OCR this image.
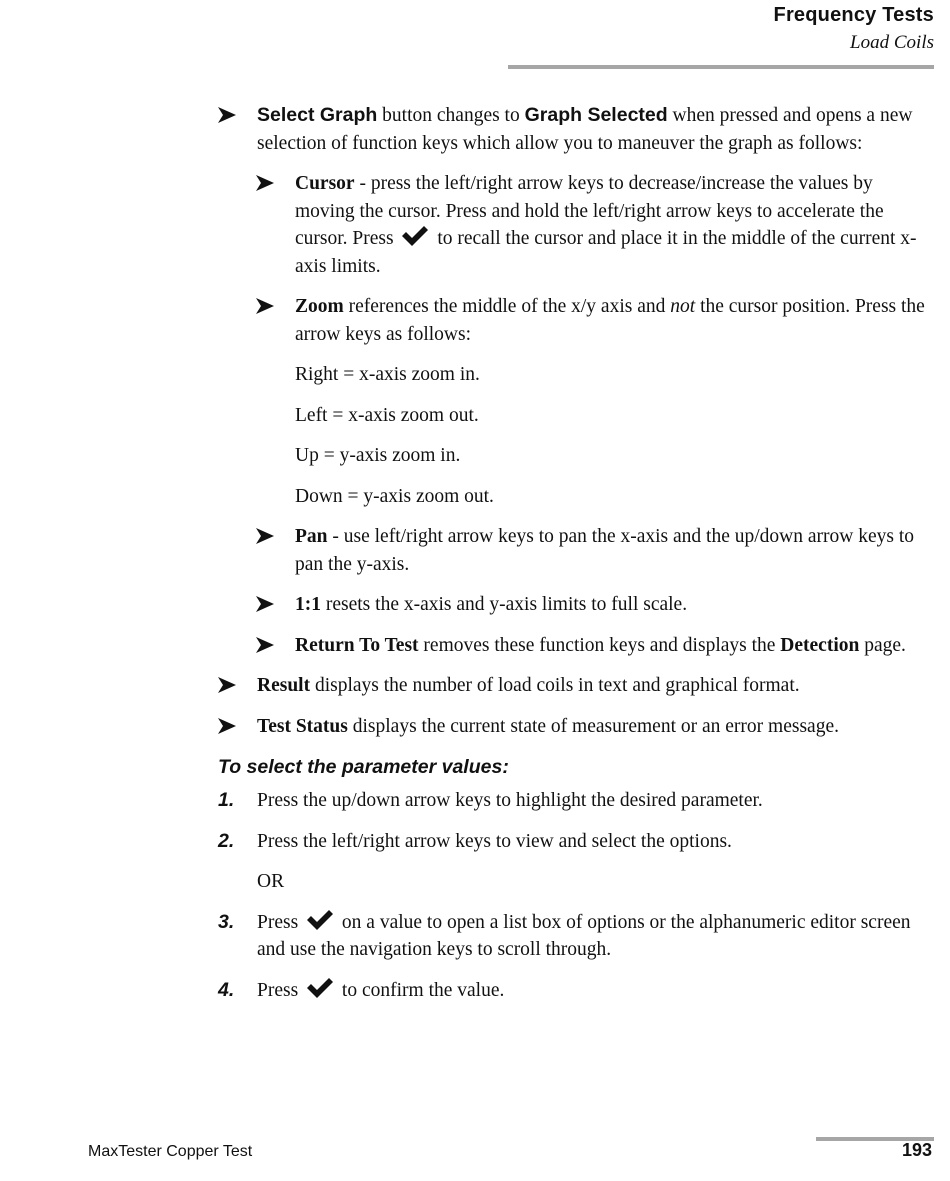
Frequency Tests
Load Coils
Select Graph button changes to Graph Selected when pressed and opens a new selection of function keys which allow you to maneuver the graph as follows:
Cursor - press the left/right arrow keys to decrease/increase the values by moving the cursor. Press and hold the left/right arrow keys to accelerate the cursor. Press  to recall the cursor and place it in the middle of the current x-axis limits.
Zoom references the middle of the x/y axis and not the cursor position. Press the arrow keys as follows:
Right = x-axis zoom in.
Left = x-axis zoom out.
Up = y-axis zoom in.
Down = y-axis zoom out.
Pan - use left/right arrow keys to pan the x-axis and the up/down arrow keys to pan the y-axis.
1:1 resets the x-axis and y-axis limits to full scale.
Return To Test removes these function keys and displays the Detection page.
Result displays the number of load coils in text and graphical format.
Test Status displays the current state of measurement or an error message.
To select the parameter values:
1. Press the up/down arrow keys to highlight the desired parameter.
2. Press the left/right arrow keys to view and select the options.
OR
3. Press  on a value to open a list box of options or the alphanumeric editor screen and use the navigation keys to scroll through.
4. Press  to confirm the value.
MaxTester Copper Test	193
